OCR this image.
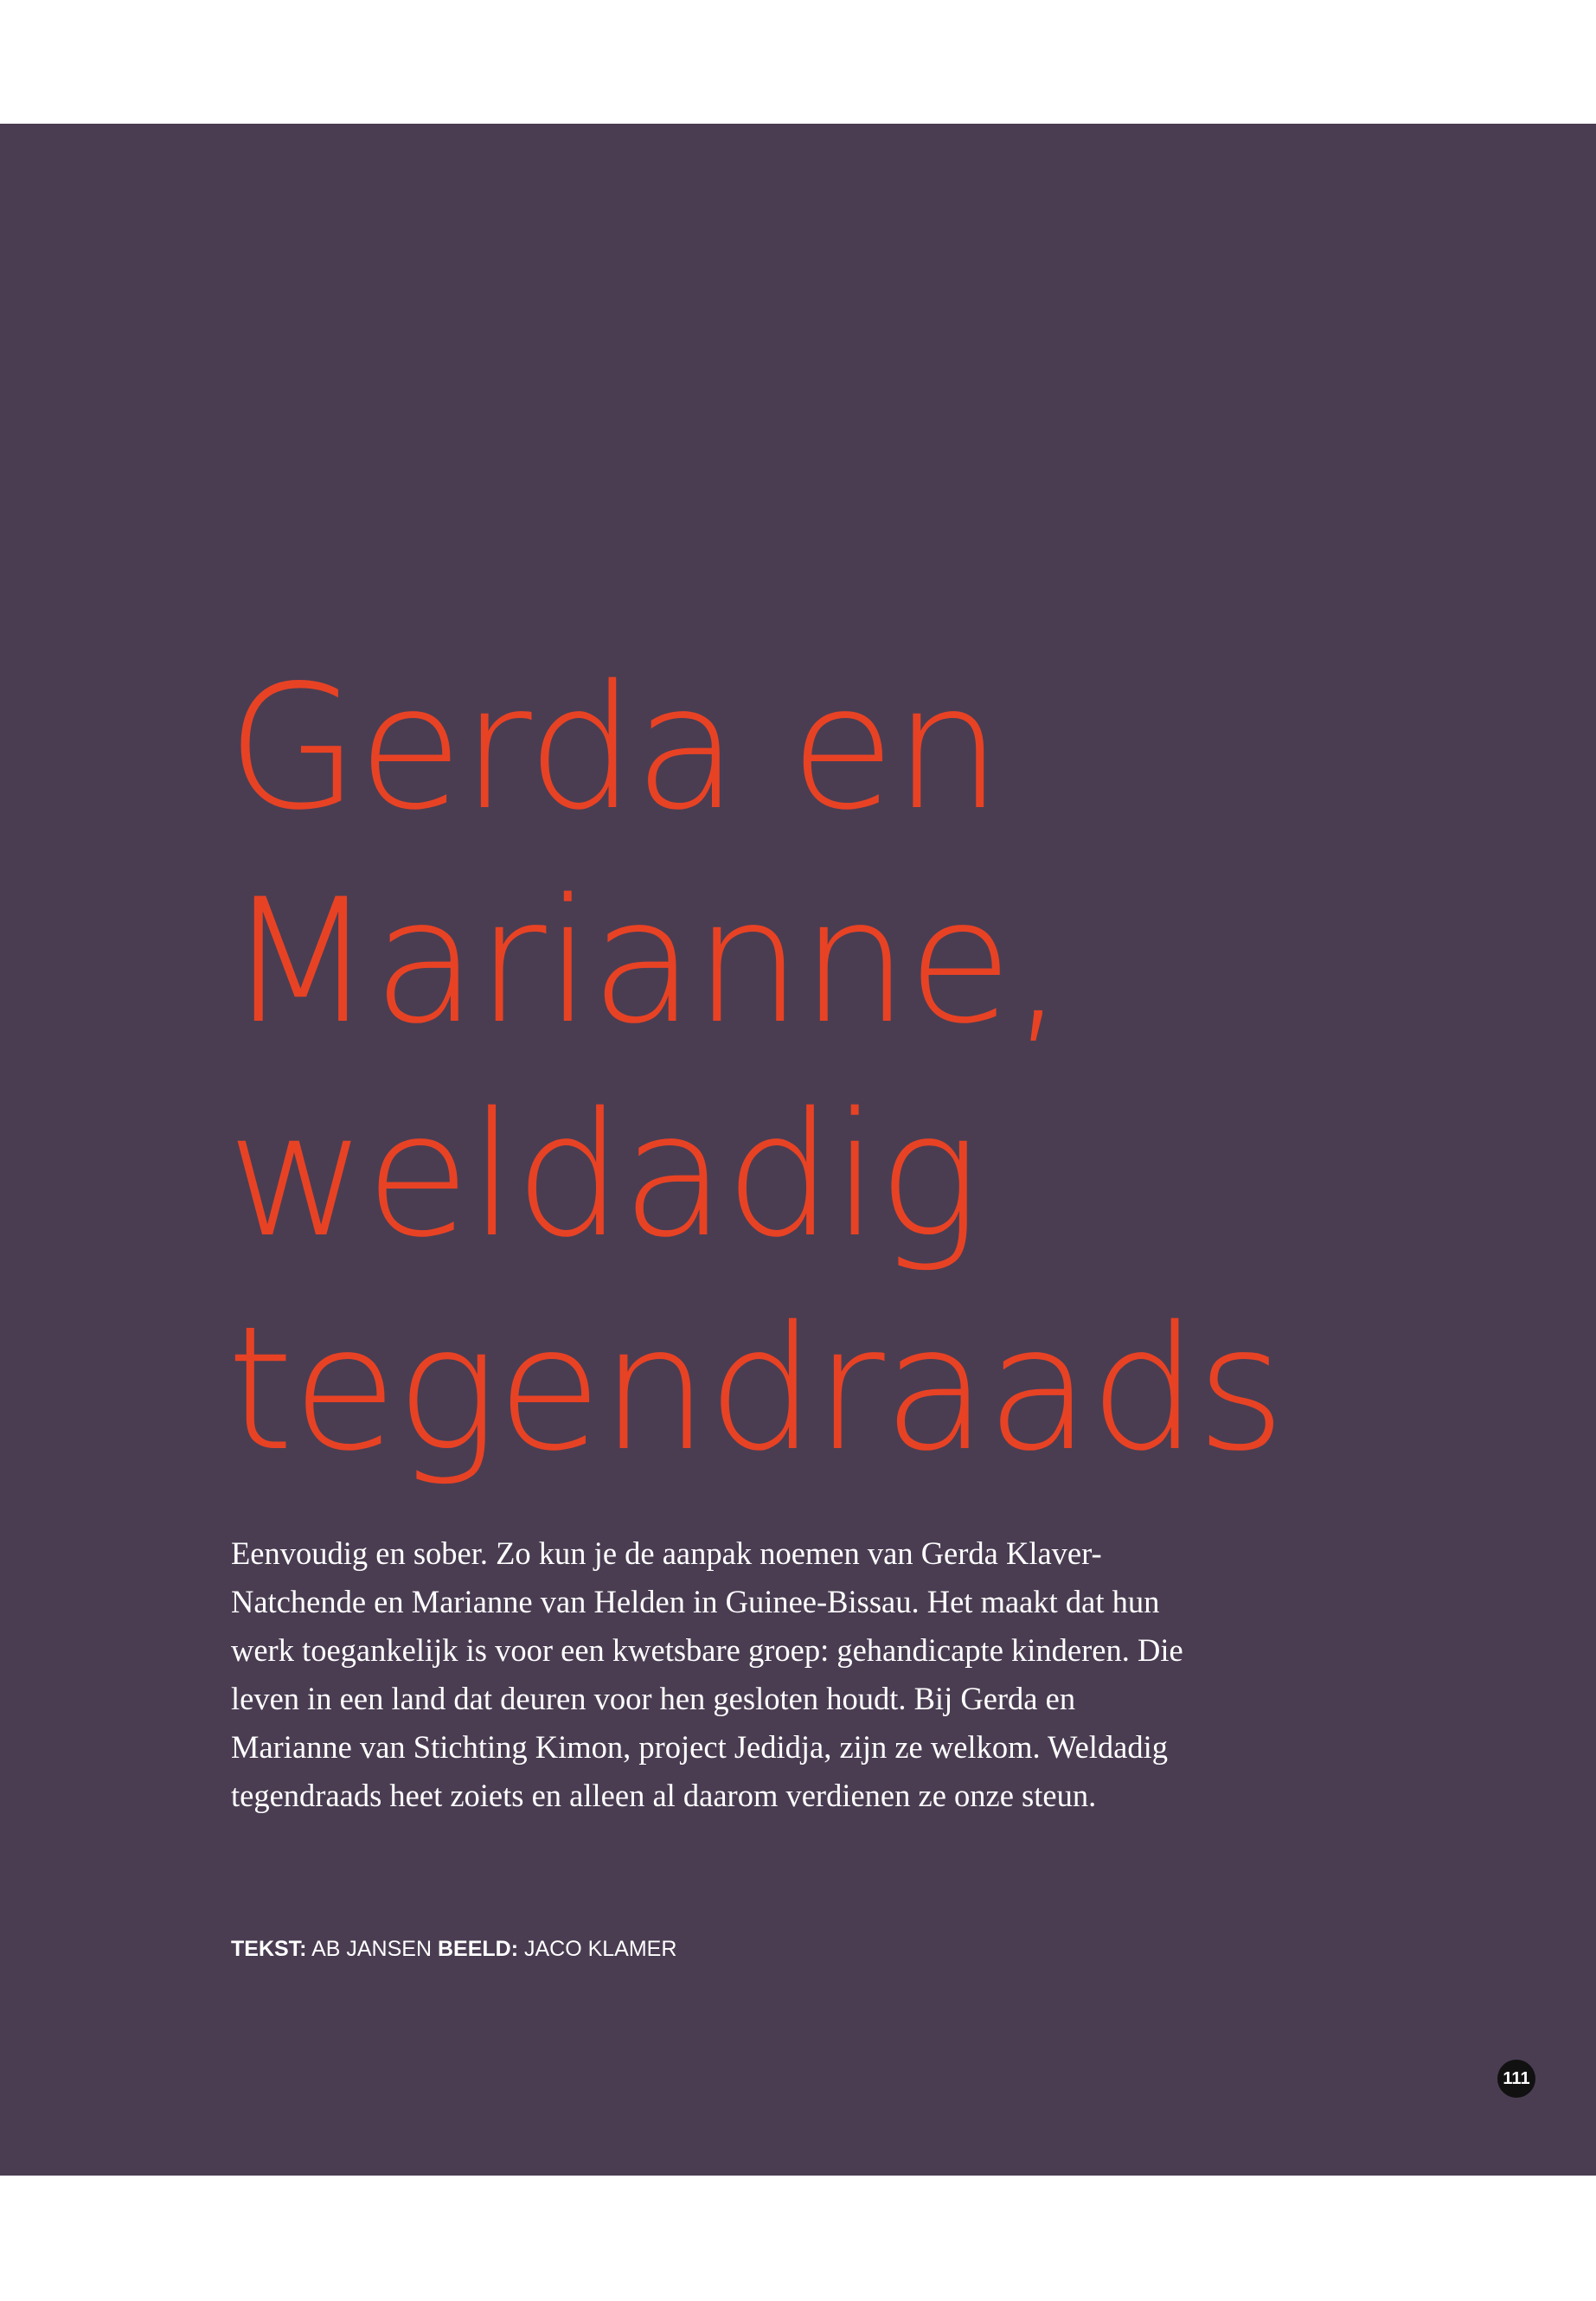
Gerda en
Marianne,
weldadig
tegendraads

Eenvoudig en sober. Zo kun je de aanpak noemen van Gerda Klaver-Natchende en Marianne van Helden in Guinee-Bissau. Het maakt dat hun werk toegankelijk is voor een kwetsbare groep: gehandicapte kinderen. Die leven in een land dat deuren voor hen gesloten houdt. Bij Gerda en Marianne van Stichting Kimon, project Jedidja, zijn ze welkom. Weldadig tegendraads heet zoiets en alleen al daarom verdienen ze onze steun.

TEKST: AB JANSEN BEELD: JACO KLAMER

111
